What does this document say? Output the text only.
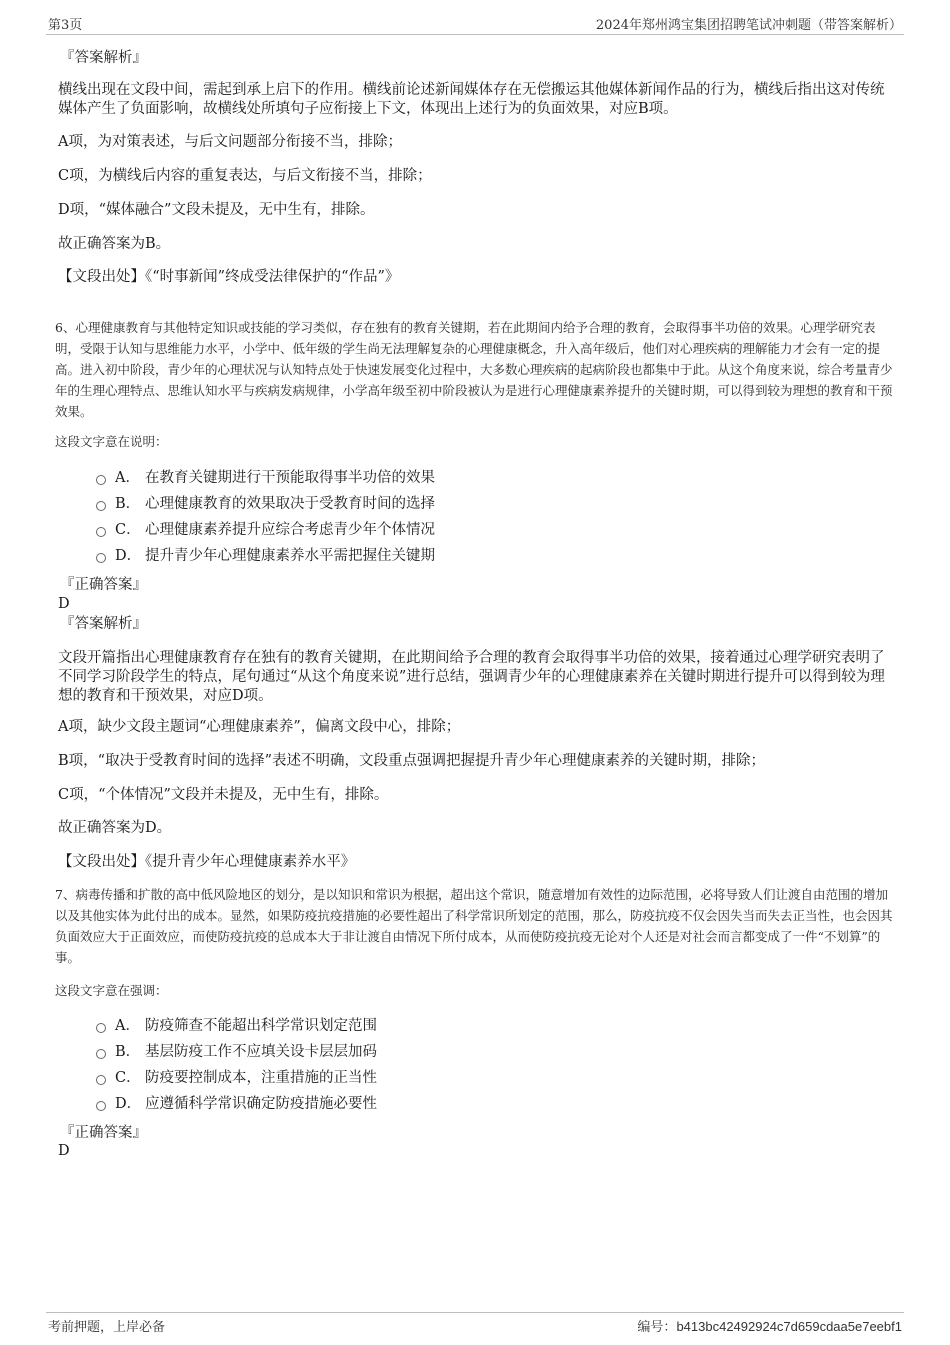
第3页	2024年郑州鸿宝集团招聘笔试冲刺题（带答案解析）
『答案解析』
横线出现在文段中间，需起到承上启下的作用。横线前论述新闻媒体存在无偿搬运其他媒体新闻作品的行为，横线后指出这对传统媒体产生了负面影响，故横线处所填句子应衔接上下文，体现出上述行为的负面效果，对应B项。
A项，为对策表述，与后文问题部分衔接不当，排除；
C项，为横线后内容的重复表达，与后文衔接不当，排除；
D项，“媒体融合”文段未提及，无中生有，排除。
故正确答案为B。
【文段出处】《“时事新闻”终成受法律保护的“作品”》
6、心理健康教育与其他特定知识或技能的学习类似，存在独有的教育关键期，若在此期间内给予合理的教育，会取得事半功倍的效果。心理学研究表明，受限于认知与思维能力水平，小学中、低年级的学生尚无法理解复杂的心理健康概念，升入高年级后，他们对心理疾病的理解能力才会有一定的提高。进入初中阶段，青少年的心理状况与认知特点处于快速发展变化过程中，大多数心理疾病的起病阶段也都集中于此。从这个角度来说，综合考量青少年的生理心理特点、思维认知水平与疾病发病规律，小学高年级至初中阶段被认为是进行心理健康素养提升的关键时期，可以得到较为理想的教育和干预效果。
这段文字意在说明：
A． 在教育关键期进行干预能取得事半功倍的效果
B． 心理健康教育的效果取决于受教育时间的选择
C． 心理健康素养提升应综合考虑青少年个体情况
D． 提升青少年心理健康素养水平需把握住关键期
『正确答案』
D
『答案解析』
文段开篇指出心理健康教育存在独有的教育关键期，在此期间给予合理的教育会取得事半功倍的效果，接着通过心理学研究表明了不同学习阶段学生的特点，尾句通过“从这个角度来说”进行总结，强调青少年的心理健康素养在关键时期进行提升可以得到较为理想的教育和干预效果，对应D项。
A项，缺少文段主题词“心理健康素养”，偏离文段中心，排除；
B项，“取决于受教育时间的选择”表述不明确，文段重点强调把握提升青少年心理健康素养的关键时期，排除；
C项，“个体情况”文段并未提及，无中生有，排除。
故正确答案为D。
【文段出处】《提升青少年心理健康素养水平》
7、病毒传播和扩散的高中低风险地区的划分，是以知识和常识为根据，超出这个常识，随意增加有效性的边际范围，必将导致人们让渡自由范围的增加以及其他实体为此付出的成本。显然，如果防疫抗疫措施的必要性超出了科学常识所划定的范围，那么，防疫抗疫不仅会因失当而失去正当性，也会因其负面效应大于正面效应，而使防疫抗疫的总成本大于非让渡自由情况下所付成本，从而使防疫抗疫无论对个人还是对社会而言都变成了一件“不划算”的事。
这段文字意在强调：
A． 防疫筛查不能超出科学常识划定范围
B． 基层防疫工作不应填关设卡层层加码
C． 防疫要控制成本，注重措施的正当性
D． 应遵循科学常识确定防疫措施必要性
『正确答案』
D
考前押题，上岸必备	编号：b413bc42492924c7d659cdaa5e7eebf1
